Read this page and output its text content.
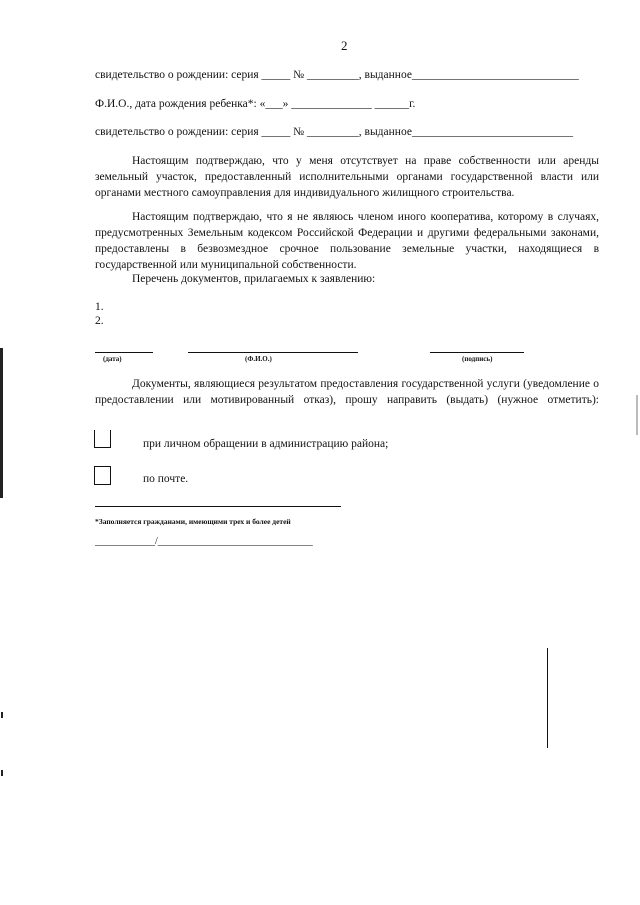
2
свидетельство о рождении: серия _____ № _________, выданное_____________________________
Ф.И.О., дата рождения ребенка*: «___» ______________ ______г.
свидетельство о рождении: серия _____ № _________, выданное____________________________
Настоящим подтверждаю, что у меня отсутствует на праве собственности или аренды земельный участок, предоставленный исполнительными органами государственной власти или органами местного самоуправления для индивидуального жилищного строительства.
Настоящим подтверждаю, что я не являюсь членом иного кооператива, которому в случаях, предусмотренных Земельным кодексом Российской Федерации и другими федеральными законами, предоставлены в безвозмездное срочное пользование земельные участки, находящиеся в государственной или муниципальной собственности.
Перечень документов, прилагаемых к заявлению:
1.
2.
(дата)	(Ф.И.О.)	(подпись)
Документы, являющиеся результатом предоставления государственной услуги (уведомление о предоставлении или мотивированный отказ), прошу направить (выдать) (нужное отметить):
при личном обращении в администрацию района;
по почте.
*Заполняется гражданами, имеющими трех и более детей
____________/_______________________________
